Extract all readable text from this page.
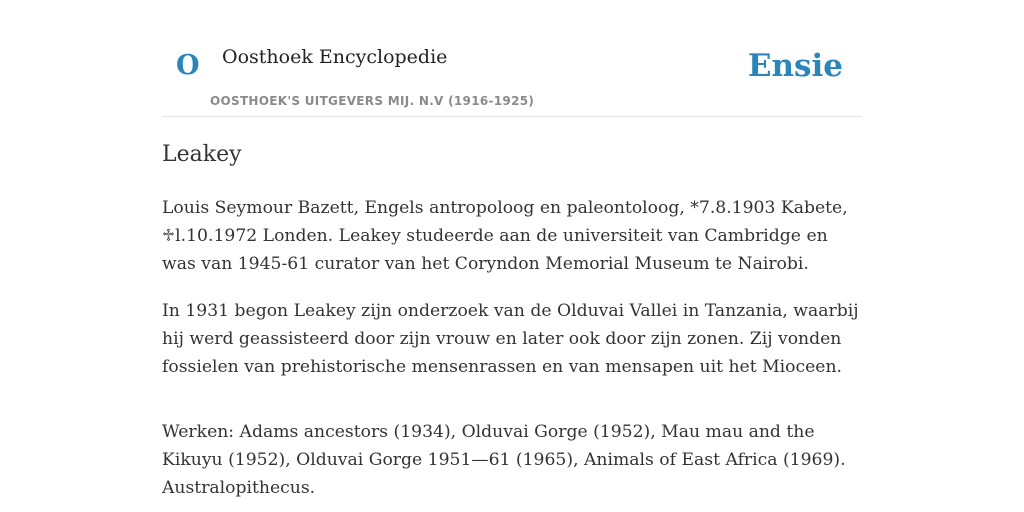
O Oosthoek Encyclopedie
OOSTHOEK'S UITGEVERS MIJ. N.V (1916-1925)
Ensie
Leakey

Louis Seymour Bazett, Engels antropoloog en paleontoloog, *7.8.1903 Kabete, ♱l.10.1972 Londen. Leakey studeerde aan de universiteit van Cambridge en was van 1945-61 curator van het Coryndon Memorial Museum te Nairobi.

In 1931 begon Leakey zijn onderzoek van de Olduvai Vallei in Tanzania, waarbij hij werd geassisteerd door zijn vrouw en later ook door zijn zonen. Zij vonden fossielen van prehistorische mensenrassen en van mensapen uit het Mioceen.

Werken: Adams ancestors (1934), Olduvai Gorge (1952), Mau mau and the Kikuyu (1952), Olduvai Gorge 1951—61 (1965), Animals of East Africa (1969). Australopithecus.
